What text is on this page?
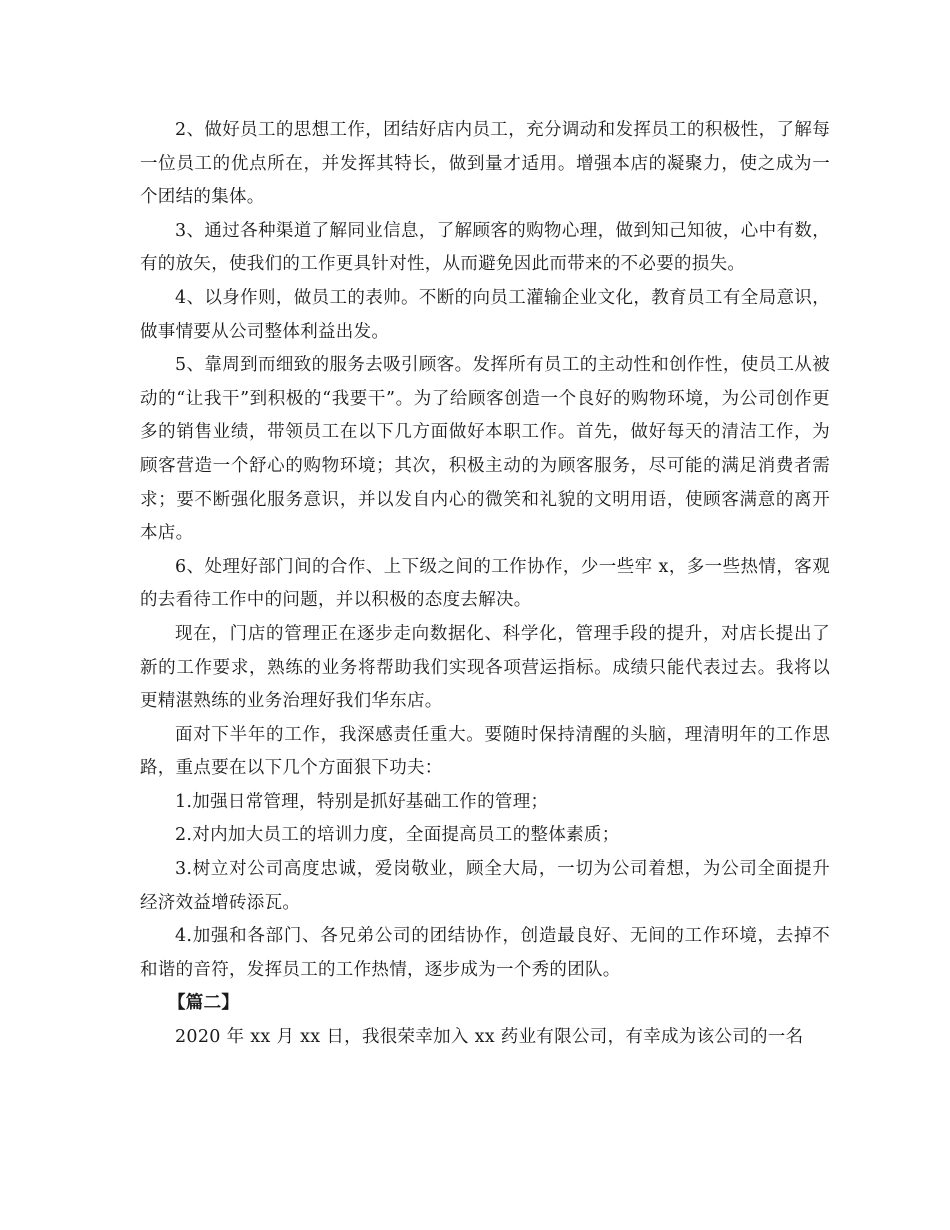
2、做好员工的思想工作，团结好店内员工，充分调动和发挥员工的积极性，了解每一位员工的优点所在，并发挥其特长，做到量才适用。增强本店的凝聚力，使之成为一个团结的集体。

3、通过各种渠道了解同业信息，了解顾客的购物心理，做到知己知彼，心中有数，有的放矢，使我们的工作更具针对性，从而避免因此而带来的不必要的损失。

4、以身作则，做员工的表帅。不断的向员工灌输企业文化，教育员工有全局意识，做事情要从公司整体利益出发。

5、靠周到而细致的服务去吸引顾客。发挥所有员工的主动性和创作性，使员工从被动的“让我干”到积极的“我要干”。为了给顾客创造一个良好的购物环境，为公司创作更多的销售业绩，带领员工在以下几方面做好本职工作。首先，做好每天的清洁工作，为顾客营造一个舒心的购物环境；其次，积极主动的为顾客服务，尽可能的满足消费者需求；要不断强化服务意识，并以发自内心的微笑和礼貌的文明用语，使顾客满意的离开本店。

6、处理好部门间的合作、上下级之间的工作协作，少一些牢 x，多一些热情，客观的去看待工作中的问题，并以积极的态度去解决。

现在，门店的管理正在逐步走向数据化、科学化，管理手段的提升，对店长提出了新的工作要求，熟练的业务将帮助我们实现各项营运指标。成绩只能代表过去。我将以更精湛熟练的业务治理好我们华东店。

面对下半年的工作，我深感责任重大。要随时保持清醒的头脑，理清明年的工作思路，重点要在以下几个方面狠下功夫：

1.加强日常管理，特别是抓好基础工作的管理；

2.对内加大员工的培训力度，全面提高员工的整体素质；

3.树立对公司高度忠诚，爱岗敬业，顾全大局，一切为公司着想，为公司全面提升经济效益增砖添瓦。

4.加强和各部门、各兄弟公司的团结协作，创造最良好、无间的工作环境，去掉不和谐的音符，发挥员工的工作热情，逐步成为一个秀的团队。

【篇二】

2020 年 xx 月 xx 日，我很荣幸加入 xx 药业有限公司，有幸成为该公司的一名
